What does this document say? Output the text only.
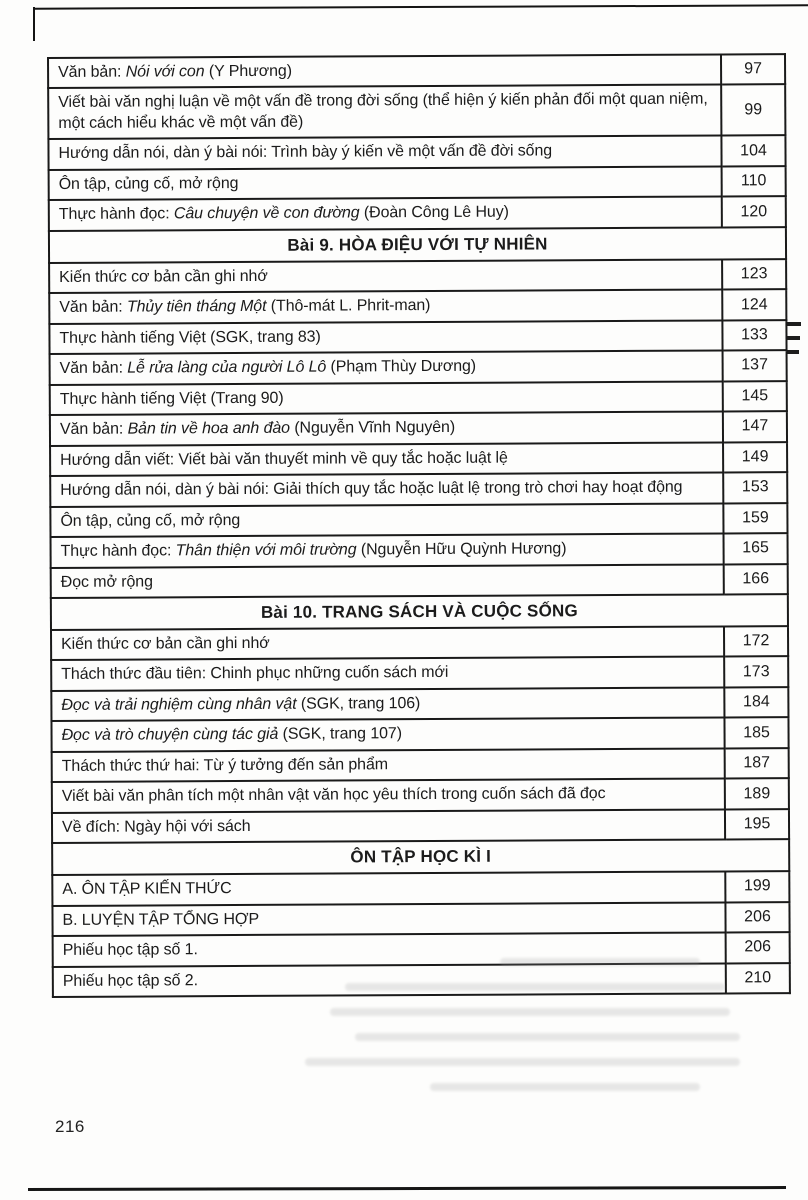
Văn bản: Nói với con (Y Phương)	97
Viết bài văn nghị luận về một vấn đề trong đời sống (thể hiện ý kiến phản đối một quan niệm, một cách hiểu khác về một vấn đề)	99
Hướng dẫn nói, dàn ý bài nói: Trình bày ý kiến về một vấn đề đời sống	104
Ôn tập, củng cố, mở rộng	110
Thực hành đọc: Câu chuyện về con đường (Đoàn Công Lê Huy)	120
Bài 9. HÒA ĐIỆU VỚI TỰ NHIÊN	
Kiến thức cơ bản cần ghi nhớ	123
Văn bản: Thủy tiên tháng Một (Thô-mát L. Phrit-man)	124
Thực hành tiếng Việt (SGK, trang 83)	133
Văn bản: Lễ rửa làng của người Lô Lô (Phạm Thùy Dương)	137
Thực hành tiếng Việt (Trang 90)	145
Văn bản: Bản tin về hoa anh đào (Nguyễn Vĩnh Nguyên)	147
Hướng dẫn viết: Viết bài văn thuyết minh về quy tắc hoặc luật lệ	149
Hướng dẫn nói, dàn ý bài nói: Giải thích quy tắc hoặc luật lệ trong trò chơi hay hoạt động	153
Ôn tập, củng cố, mở rộng	159
Thực hành đọc: Thân thiện với môi trường (Nguyễn Hữu Quỳnh Hương)	165
Đọc mở rộng	166
Bài 10. TRANG SÁCH VÀ CUỘC SỐNG	
Kiến thức cơ bản cần ghi nhớ	172
Thách thức đầu tiên: Chinh phục những cuốn sách mới	173
Đọc và trải nghiệm cùng nhân vật (SGK, trang 106)	184
Đọc và trò chuyện cùng tác giả (SGK, trang 107)	185
Thách thức thứ hai: Từ ý tưởng đến sản phẩm	187
Viết bài văn phân tích một nhân vật văn học yêu thích trong cuốn sách đã đọc	189
Về đích: Ngày hội với sách	195
ÔN TẬP HỌC KÌ I	
A. ÔN TẬP KIẾN THỨC	199
B. LUYỆN TẬP TỔNG HỢP	206
Phiếu học tập số 1.	206
Phiếu học tập số 2.	210
216
